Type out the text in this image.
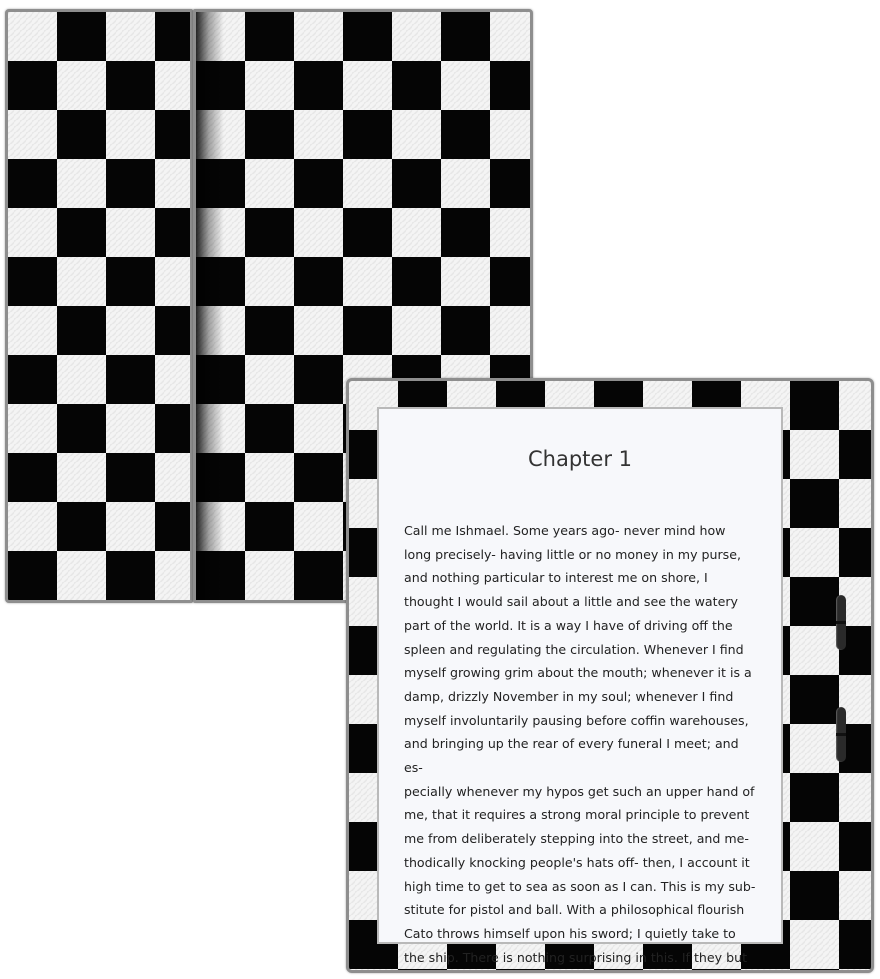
Chapter 1

Call me Ishmael. Some years ago- never mind how
long precisely- having little or no money in my purse,
and nothing particular to interest me on shore, I
thought I would sail about a little and see the watery
part of the world. It is a way I have of driving off the
spleen and regulating the circulation. Whenever I find
myself growing grim about the mouth; whenever it is a
damp, drizzly November in my soul; whenever I find
myself involuntarily pausing before coffin warehouses,
and bringing up the rear of every funeral I meet; and es-
pecially whenever my hypos get such an upper hand of
me, that it requires a strong moral principle to prevent
me from deliberately stepping into the street, and me-
thodically knocking people's hats off- then, I account it
high time to get to sea as soon as I can. This is my sub-
stitute for pistol and ball. With a philosophical flourish
Cato throws himself upon his sword; I quietly take to
the ship. There is nothing surprising in this. If they but
